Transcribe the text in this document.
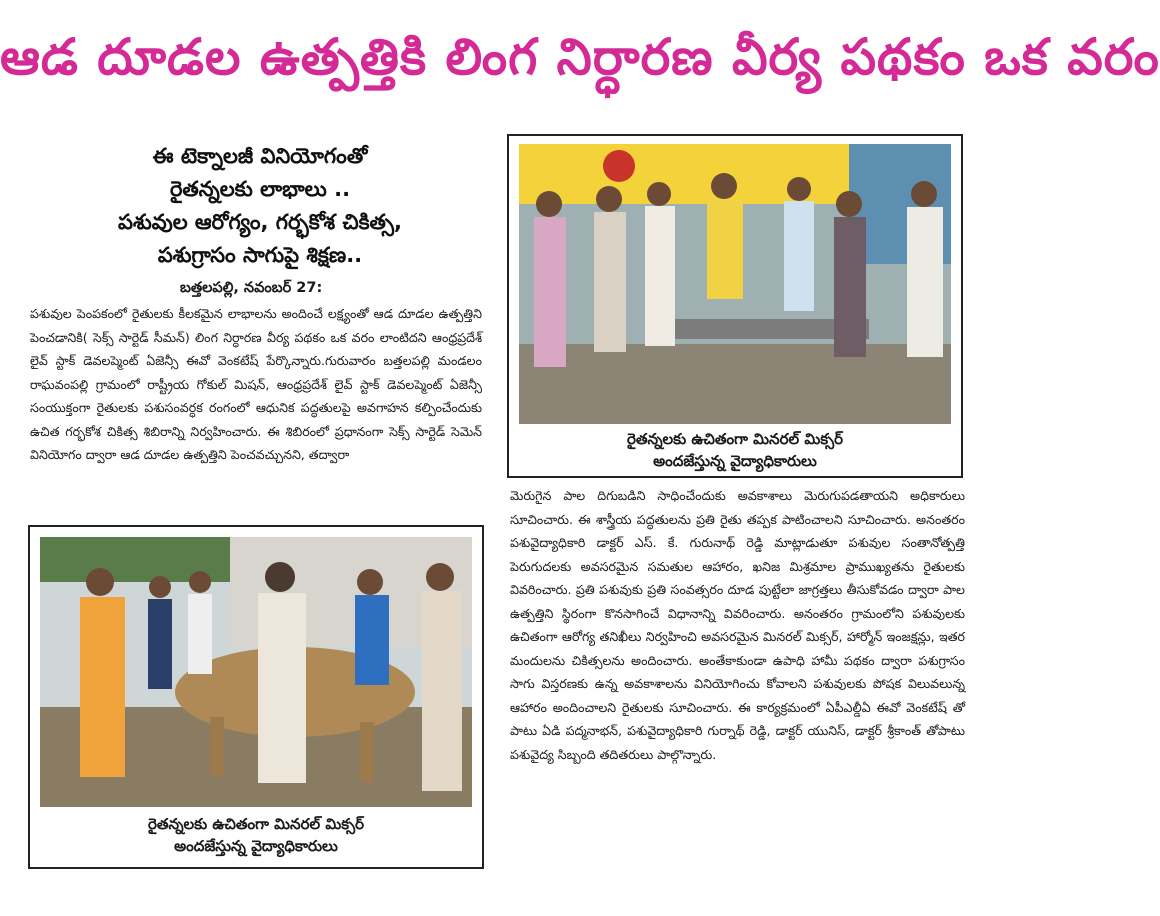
ఆడ దూడల ఉత్పత్తికి లింగ నిర్ధారణ వీర్య పథకం ఒక వరం
ఈ టెక్నాలజీ వినియోగంతో
రైతన్నలకు లాభాలు ..
పశువుల ఆరోగ్యం, గర్భకోశ చికిత్స,
పశుగ్రాసం సాగుపై శిక్షణ..
బత్తలపల్లి, నవంబర్ 27:
పశువుల పెంపకంలో రైతులకు కీలకమైన లాభాలను అందించే లక్ష్యంతో ఆడ దూడల ఉత్పత్తిని పెంచడానికి( సెక్స్ సార్టెడ్ సీమన్) లింగ నిర్ధారణ వీర్య పథకం ఒక వరం లాంటిదని ఆంధ్రప్రదేశ్ లైవ్ స్టాక్ డెవలప్మెంట్ ఏజెన్సీ ఈవో వెంకటేష్ పేర్కొన్నారు.గురువారం బత్తలపల్లి మండలం రాఘవంపల్లి గ్రామంలో రాష్ట్రీయ గోకుల్ మిషన్, ఆంధ్రప్రదేశ్ లైవ్ స్టాక్ డెవలప్మెంట్ ఏజెన్సీ సంయుక్తంగా రైతులకు పశుసంవర్ధక రంగంలో ఆధునిక పద్ధతులపై అవగాహన కల్పించేందుకు ఉచిత గర్భకోశ చికిత్స శిబిరాన్ని నిర్వహించారు. ఈ శిబిరంలో ప్రధానంగా సెక్స్ సార్టెడ్ సెమెన్ వినియోగం ద్వారా ఆడ దూడల ఉత్పత్తిని పెంచవచ్చునని, తద్వారా
రైతన్నలకు ఉచితంగా మినరల్ మిక్సర్
అందజేస్తున్న వైద్యాధికారులు
మెరుగైన పాల దిగుబడిని సాధించేందుకు అవకాశాలు మెరుగుపడతాయని అధికారులు సూచించారు. ఈ శాస్త్రీయ పద్ధతులను ప్రతి రైతు తప్పక పాటించాలని సూచించారు. అనంతరం పశువైద్యాధికారి డాక్టర్ ఎస్. కే. గురునాథ్ రెడ్డి మాట్లాడుతూ పశువుల సంతానోత్పత్తి పెరుగుదలకు అవసరమైన సమతుల ఆహారం, ఖనిజ మిశ్రమాల ప్రాముఖ్యతను రైతులకు వివరించారు. ప్రతి పశువుకు ప్రతి సంవత్సరం దూడ పుట్టేలా జాగ్రత్తలు తీసుకోవడం ద్వారా పాల ఉత్పత్తిని స్థిరంగా కొనసాగించే విధానాన్ని వివరించారు. అనంతరం గ్రామంలోని పశువులకు ఉచితంగా ఆరోగ్య తనిఖీలు నిర్వహించి అవసరమైన మినరల్ మిక్సర్, హార్మోన్ ఇంజక్షన్లు, ఇతర మందులను చికిత్సలను అందించారు. అంతేకాకుండా ఉపాధి హామీ పథకం ద్వారా పశుగ్రాసం సాగు విస్తరణకు ఉన్న అవకాశాలను వినియోగించు కోవాలని పశువులకు పోషక విలువలున్న ఆహారం అందించాలని రైతులకు సూచించారు. ఈ కార్యక్రమంలో ఏపీఎల్డీఏ ఈవో వెంకటేష్ తో పాటు ఏడి పద్మనాభన్, పశువైద్యాధికారి గుర్నాథ్ రెడ్డి, డాక్టర్ యునిస్, డాక్టర్ శ్రీకాంత్ తోపాటు పశువైద్య సిబ్బంది తదితరులు పాల్గొన్నారు.
రైతన్నలకు ఉచితంగా మినరల్ మిక్సర్
అందజేస్తున్న వైద్యాధికారులు
